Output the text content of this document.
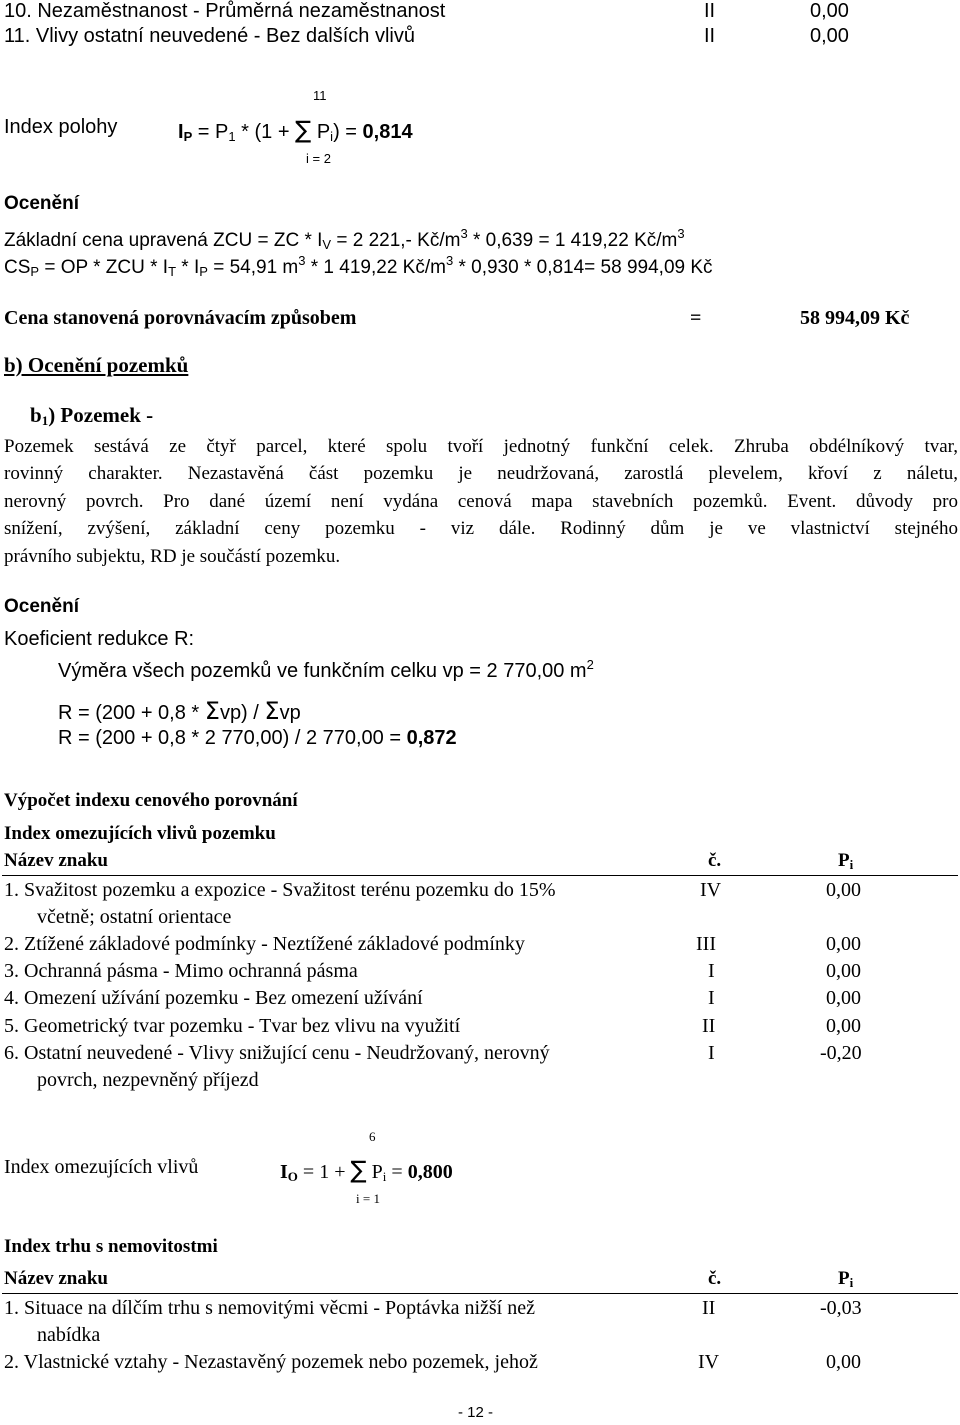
10. Nezaměstnanost - Průměrná nezaměstnanost	II	0,00
11. Vlivy ostatní neuvedené - Bez dalších vlivů	II	0,00
11
Index polohy	$I_P = P_1 * (1$ + ∑ $P_i) = 0,814$
i = 2
Ocenění
Základní cena upravená ZCU = ZC * $I_V = 2$ 221,- $Kč/m^3 * 0,639 = 1$ 419,22 $Kč/m^3$
$CS_P$ = OP * ZCU * $I_T * I_P = 54,91$ $m^3 * 1$ 419,22 $Kč/m^3 * 0,930 * 0,814= 58$ 994,09 Kč
Cena stanovená porovnávacím způsobem	=	58 994,09 Kč
b) Ocenění pozemků
$b_1$) Pozemek -
Pozemek sestává ze čtyř parcel, které spolu tvoří jednotný funkční celek. Zhruba obdélníkový tvar,
rovinný charakter. Nezastavěná část pozemku je neudržovaná, zarostlá plevelem, křoví z náletu,
nerovný povrch. Pro dané území není vydána cenová mapa stavebních pozemků. Event. důvody pro
snížení, zvýšení, základní ceny pozemku - viz dále. Rodinný dům je ve vlastnictví stejného
právního subjektu, RD je součástí pozemku.
Ocenění
Koeficient redukce R:
Výměra všech pozemků ve funkčním celku vp = 2 770,00 $m^2$
R = (200 + 0,8 * Σvp) / Σvp
R = (200 + 0,8 * 2 770,00) / 2 770,00 = 0,872
Výpočet indexu cenového porovnání
Index omezujících vlivů pozemku
Název znaku	č.	$P_i$
1. Svažitost pozemku a expozice - Svažitost terénu pozemku do 15%
včetně; ostatní orientace
IV	0,00
2. Ztížené základové podmínky - Neztížené základové podmínky	III	0,00
3. Ochranná pásma - Mimo ochranná pásma	I	0,00
4. Omezení užívání pozemku - Bez omezení užívání	I	0,00
5. Geometrický tvar pozemku - Tvar bez vlivu na využití	II	0,00
6. Ostatní neuvedené - Vlivy snižující cenu - Neudržovaný, nerovný
povrch, nezpevněný příjezd
I	-0,20
6
Index omezujících vlivů	$I_O = 1$ + ∑ $P_i = 0,800$
i = 1
Index trhu s nemovitostmi
Název znaku	č.	$P_i$
1. Situace na dílčím trhu s nemovitými věcmi - Poptávka nižší než
nabídka
II	-0,03
2. Vlastnické vztahy - Nezastavěný pozemek nebo pozemek, jehož	IV	0,00
- 12 -
